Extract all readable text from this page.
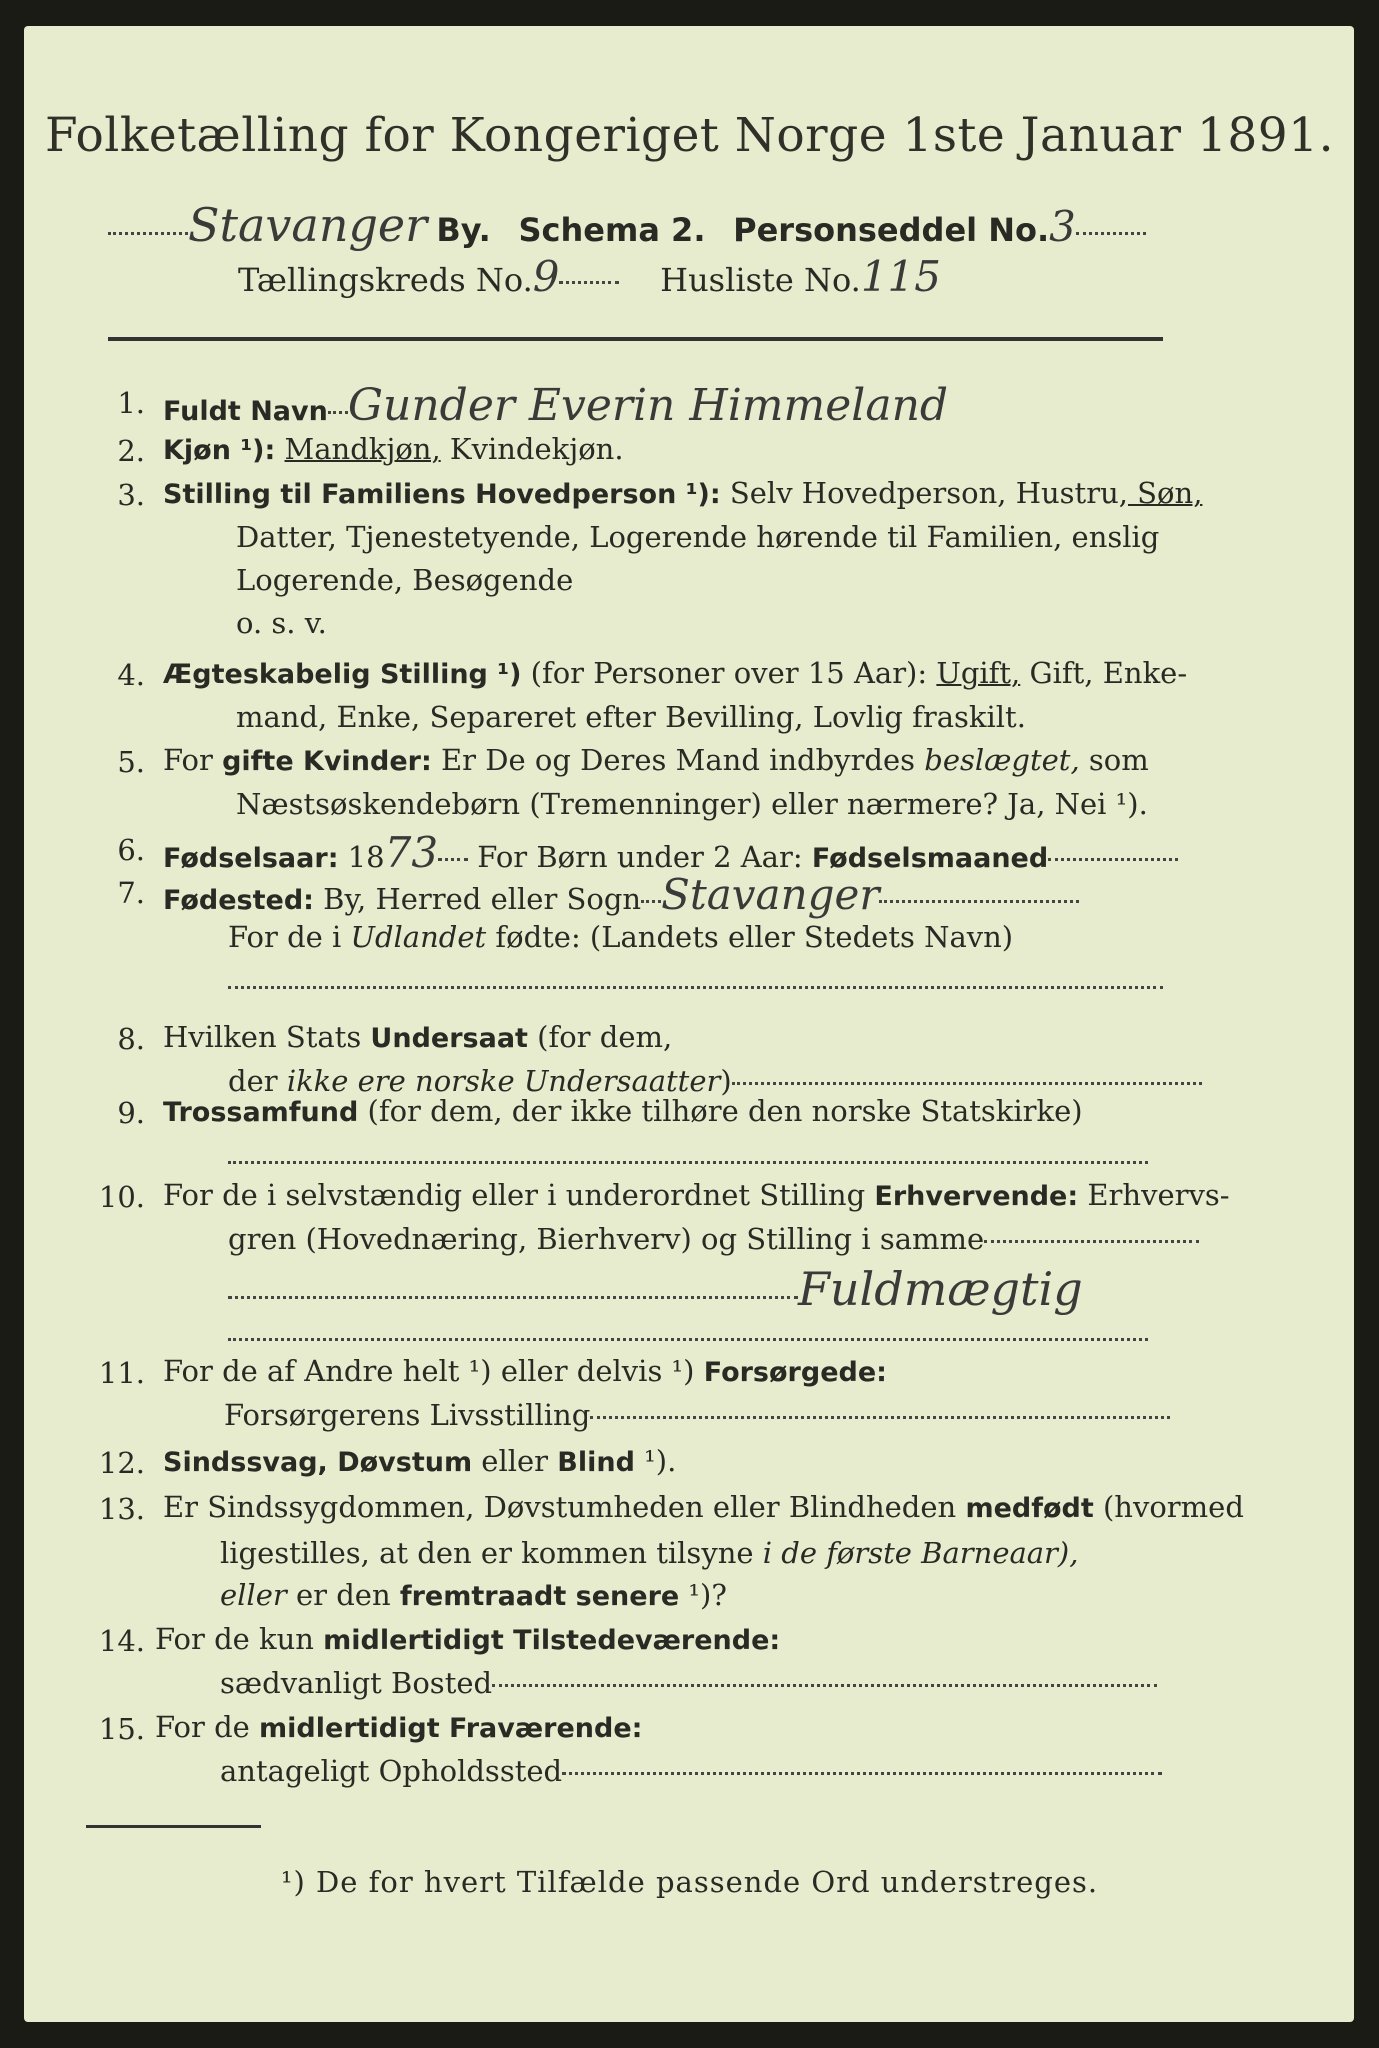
Folketælling for Kongeriget Norge 1ste Januar 1891.
Stavanger By. Schema 2. Personseddel No.3
Tællingskreds No.9	Husliste No.115
1. Fuldt Navn Gunder Everin Himmeland
2. Kjøn ¹): Mandkjøn, Kvindekjøn.
3. Stilling til Familiens Hovedperson ¹): Selv Hovedperson, Hustru, Søn,
Datter, Tjenestetyende, Logerende hørende til Familien, enslig
Logerende, Besøgende
o. s. v.
4. Ægteskabelig Stilling ¹) (for Personer over 15 Aar): Ugift, Gift, Enke-
mand, Enke, Separeret efter Bevilling, Lovlig fraskilt.
5. For gifte Kvinder: Er De og Deres Mand indbyrdes beslægtet, som
Næstsøskendebørn (Tremenninger) eller nærmere? Ja, Nei ¹).
6. Fødselsaar: 1873 For Børn under 2 Aar: Fødselsmaaned
7. Fødested: By, Herred eller Sogn Stavanger
For de i Udlandet fødte: (Landets eller Stedets Navn)
8. Hvilken Stats Undersaat (for dem,
der ikke ere norske Undersaatter)
9. Trossamfund (for dem, der ikke tilhøre den norske Statskirke)
10. For de i selvstændig eller i underordnet Stilling Erhvervende: Erhvervs-
gren (Hovednæring, Bierhverv) og Stilling i samme
Fuldmægtig
11. For de af Andre helt ¹) eller delvis ¹) Forsørgede:
Forsørgerens Livsstilling
12. Sindssvag, Døvstum eller Blind ¹).
13. Er Sindssygdommen, Døvstumheden eller Blindheden medfødt (hvormed
ligestilles, at den er kommen tilsyne i de første Barneaar),
eller er den fremtraadt senere ¹)?
14. For de kun midlertidigt Tilstedeværende:
sædvanligt Bosted
15. For de midlertidigt Fraværende:
antageligt Opholdssted
¹) De for hvert Tilfælde passende Ord understreges.
